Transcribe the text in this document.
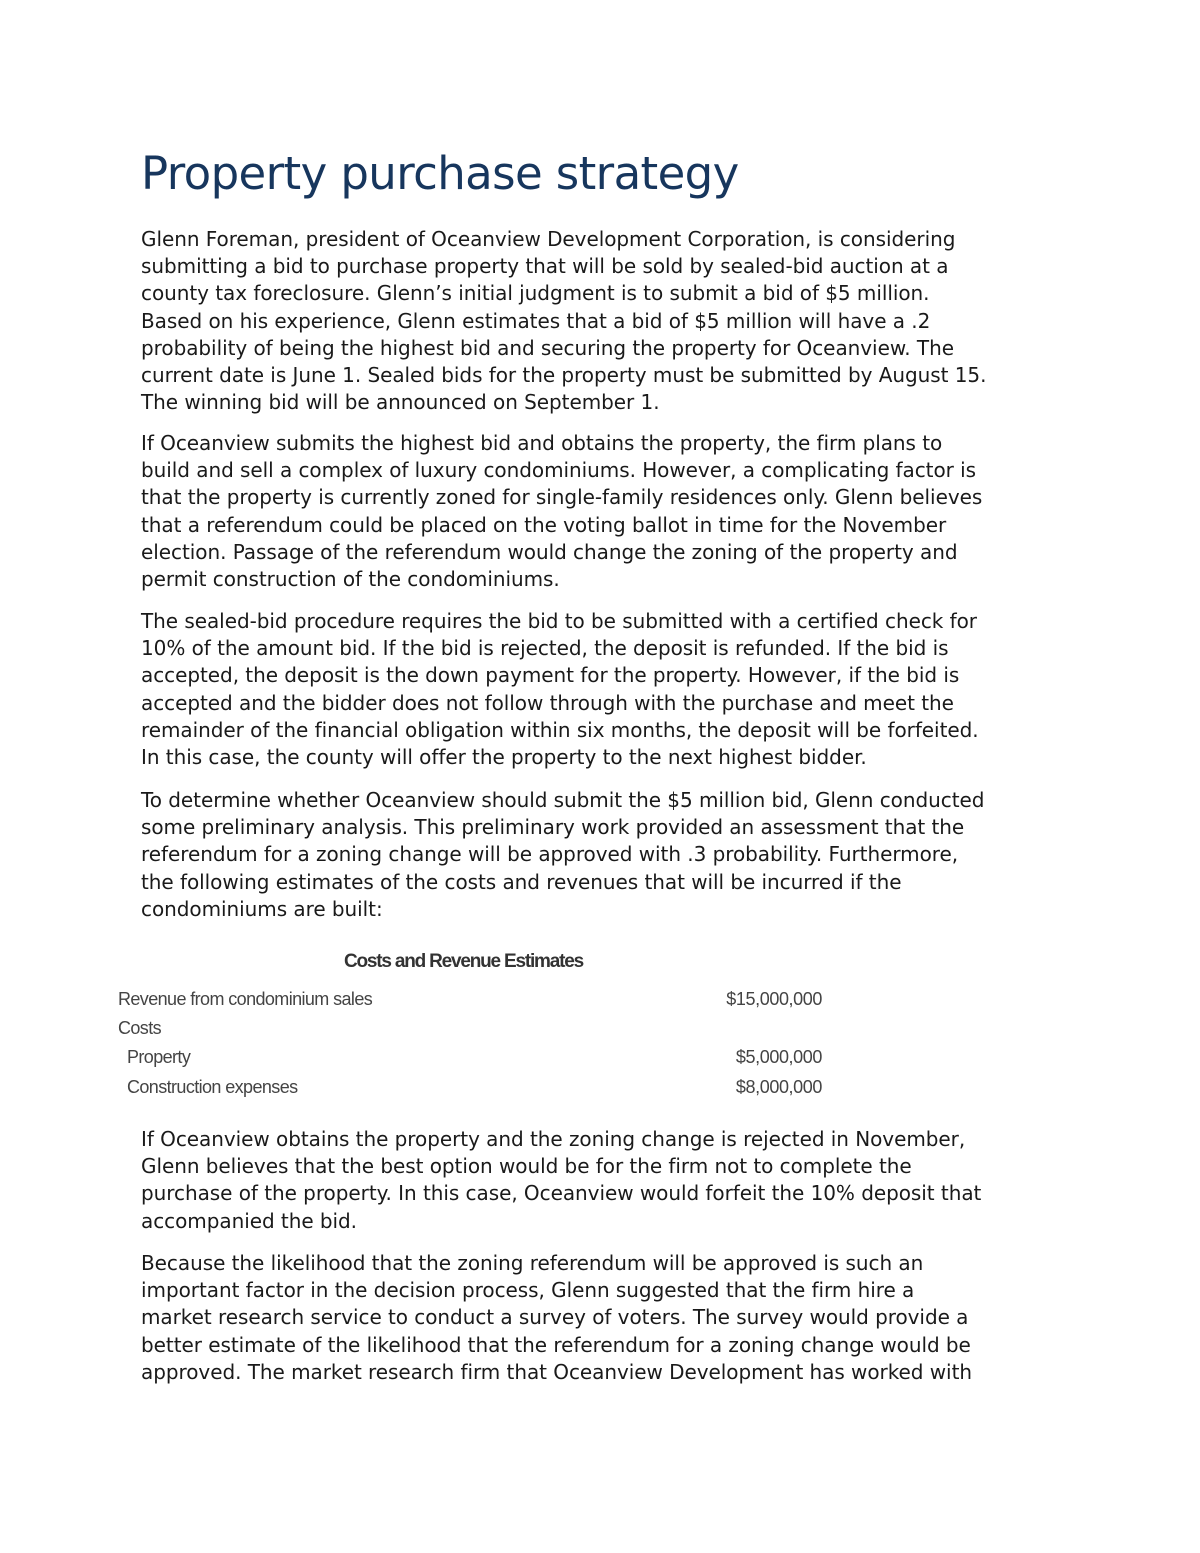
Property purchase strategy

Glenn Foreman, president of Oceanview Development Corporation, is considering
submitting a bid to purchase property that will be sold by sealed-bid auction at a
county tax foreclosure. Glenn’s initial judgment is to submit a bid of $5 million.
Based on his experience, Glenn estimates that a bid of $5 million will have a .2
probability of being the highest bid and securing the property for Oceanview. The
current date is June 1. Sealed bids for the property must be submitted by August 15.
The winning bid will be announced on September 1.

If Oceanview submits the highest bid and obtains the property, the firm plans to
build and sell a complex of luxury condominiums. However, a complicating factor is
that the property is currently zoned for single-family residences only. Glenn believes
that a referendum could be placed on the voting ballot in time for the November
election. Passage of the referendum would change the zoning of the property and
permit construction of the condominiums.

The sealed-bid procedure requires the bid to be submitted with a certified check for
10% of the amount bid. If the bid is rejected, the deposit is refunded. If the bid is
accepted, the deposit is the down payment for the property. However, if the bid is
accepted and the bidder does not follow through with the purchase and meet the
remainder of the financial obligation within six months, the deposit will be forfeited.
In this case, the county will offer the property to the next highest bidder.

To determine whether Oceanview should submit the $5 million bid, Glenn conducted
some preliminary analysis. This preliminary work provided an assessment that the
referendum for a zoning change will be approved with .3 probability. Furthermore,
the following estimates of the costs and revenues that will be incurred if the
condominiums are built:

Costs and Revenue Estimates
Revenue from condominium sales	$15,000,000
Costs
Property	$5,000,000
Construction expenses	$8,000,000

If Oceanview obtains the property and the zoning change is rejected in November,
Glenn believes that the best option would be for the firm not to complete the
purchase of the property. In this case, Oceanview would forfeit the 10% deposit that
accompanied the bid.

Because the likelihood that the zoning referendum will be approved is such an
important factor in the decision process, Glenn suggested that the firm hire a
market research service to conduct a survey of voters. The survey would provide a
better estimate of the likelihood that the referendum for a zoning change would be
approved. The market research firm that Oceanview Development has worked with
